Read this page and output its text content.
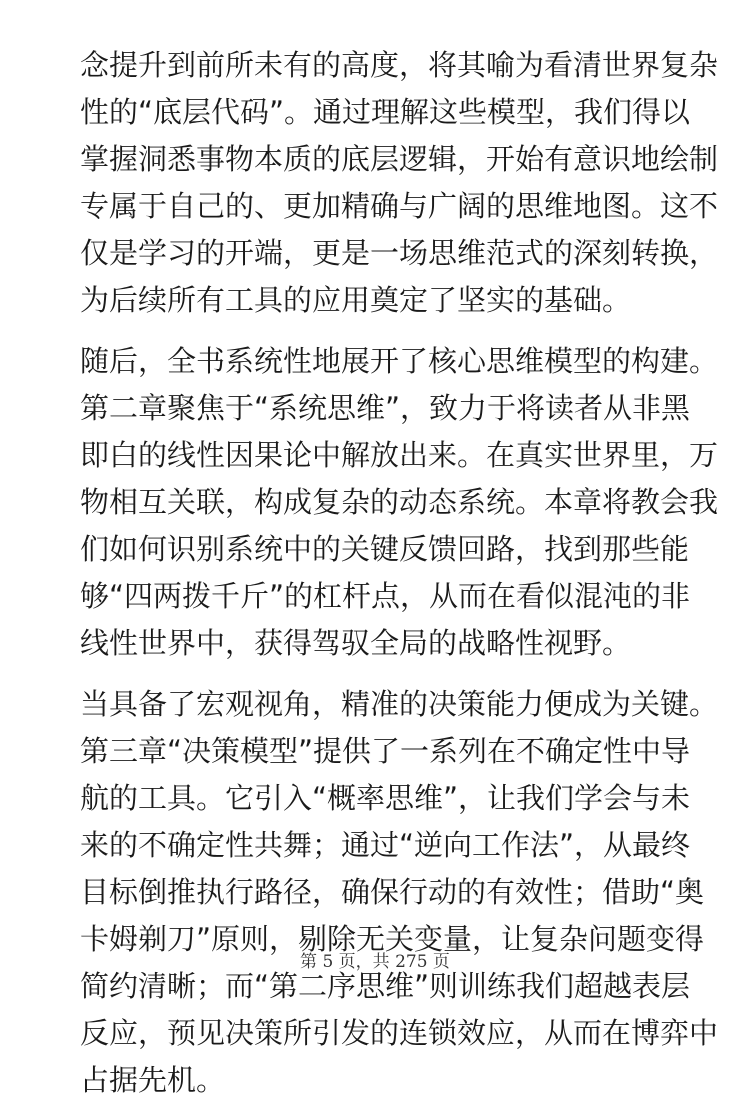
念提升到前所未有的高度，将其喻为看清世界复杂
性的“底层代码”。通过理解这些模型，我们得以
掌握洞悉事物本质的底层逻辑，开始有意识地绘制
专属于自己的、更加精确与广阔的思维地图。这不
仅是学习的开端，更是一场思维范式的深刻转换，
为后续所有工具的应用奠定了坚实的基础。

随后，全书系统性地展开了核心思维模型的构建。
第二章聚焦于“系统思维”，致力于将读者从非黑
即白的线性因果论中解放出来。在真实世界里，万
物相互关联，构成复杂的动态系统。本章将教会我
们如何识别系统中的关键反馈回路，找到那些能
够“四两拨千斤”的杠杆点，从而在看似混沌的非
线性世界中，获得驾驭全局的战略性视野。

当具备了宏观视角，精准的决策能力便成为关键。
第三章“决策模型”提供了一系列在不确定性中导
航的工具。它引入“概率思维”，让我们学会与未
来的不确定性共舞；通过“逆向工作法”，从最终
目标倒推执行路径，确保行动的有效性；借助“奥
卡姆剃刀”原则，剔除无关变量，让复杂问题变得
简约清晰；而“第二序思维”则训练我们超越表层
反应，预见决策所引发的连锁效应，从而在博弈中
占据先机。

第 5 页，共 275 页
